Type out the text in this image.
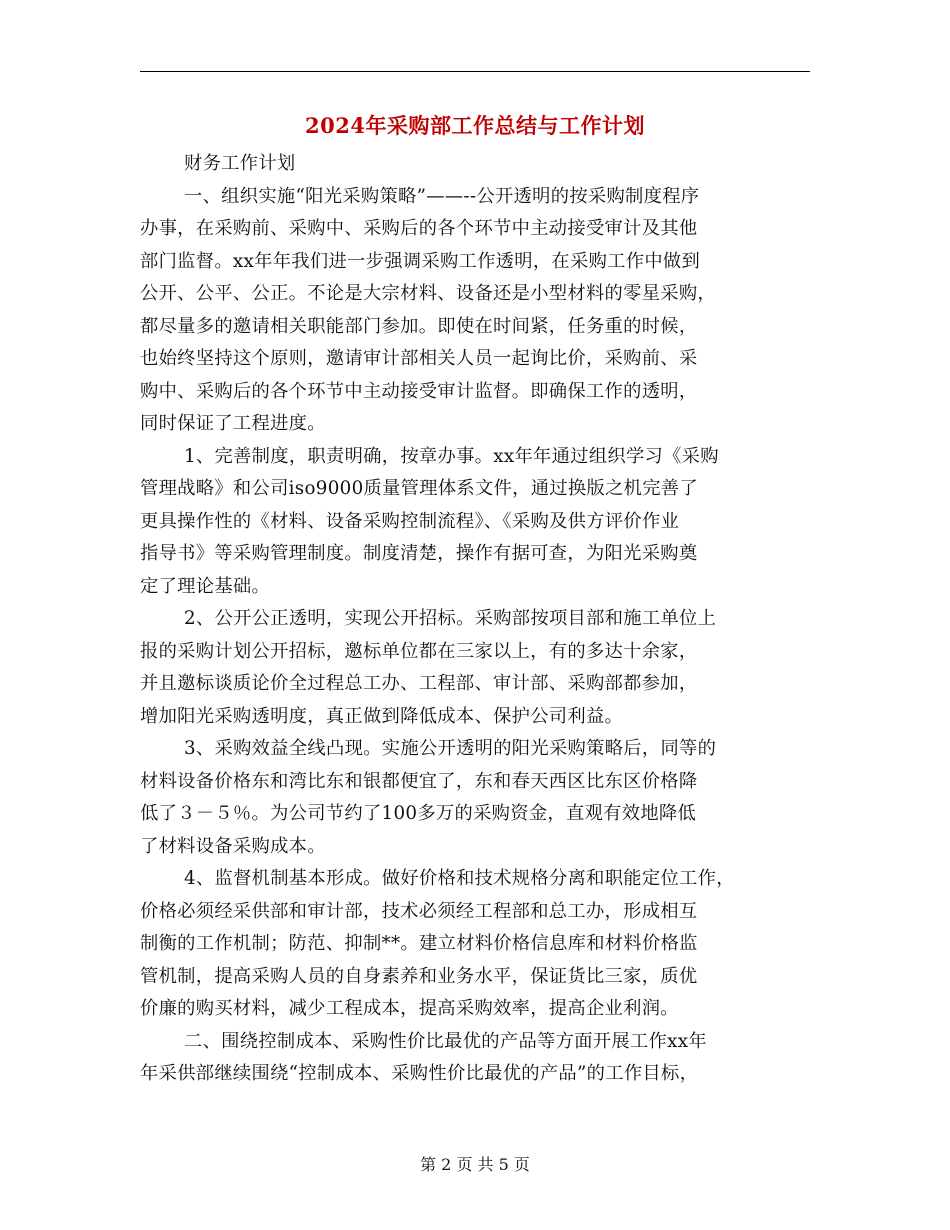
2024年采购部工作总结与工作计划
财务工作计划
一、组织实施“阳光采购策略”——--公开透明的按采购制度程序
办事，在采购前、采购中、采购后的各个环节中主动接受审计及其他
部门监督。xx年年我们进一步强调采购工作透明，在采购工作中做到
公开、公平、公正。不论是大宗材料、设备还是小型材料的零星采购，
都尽量多的邀请相关职能部门参加。即使在时间紧，任务重的时候，
也始终坚持这个原则，邀请审计部相关人员一起询比价，采购前、采
购中、采购后的各个环节中主动接受审计监督。即确保工作的透明，
同时保证了工程进度。
1、完善制度，职责明确，按章办事。xx年年通过组织学习《采购
管理战略》和公司iso9000质量管理体系文件，通过换版之机完善了
更具操作性的《材料、设备采购控制流程》、《采购及供方评价作业
指导书》等采购管理制度。制度清楚，操作有据可查，为阳光采购奠
定了理论基础。
2、公开公正透明，实现公开招标。采购部按项目部和施工单位上
报的采购计划公开招标，邀标单位都在三家以上，有的多达十余家，
并且邀标谈质论价全过程总工办、工程部、审计部、采购部都参加，
增加阳光采购透明度，真正做到降低成本、保护公司利益。
3、采购效益全线凸现。实施公开透明的阳光采购策略后，同等的
材料设备价格东和湾比东和银都便宜了，东和春天西区比东区价格降
低了３－５％。为公司节约了100多万的采购资金，直观有效地降低
了材料设备采购成本。
4、监督机制基本形成。做好价格和技术规格分离和职能定位工作，
价格必须经采供部和审计部，技术必须经工程部和总工办，形成相互
制衡的工作机制；防范、抑制**。建立材料价格信息库和材料价格监
管机制，提高采购人员的自身素养和业务水平，保证货比三家，质优
价廉的购买材料，减少工程成本，提高采购效率，提高企业利润。
二、围绕控制成本、采购性价比最优的产品等方面开展工作xx年
年采供部继续围绕“控制成本、采购性价比最优的产品”的工作目标，
第 2 页 共 5 页
